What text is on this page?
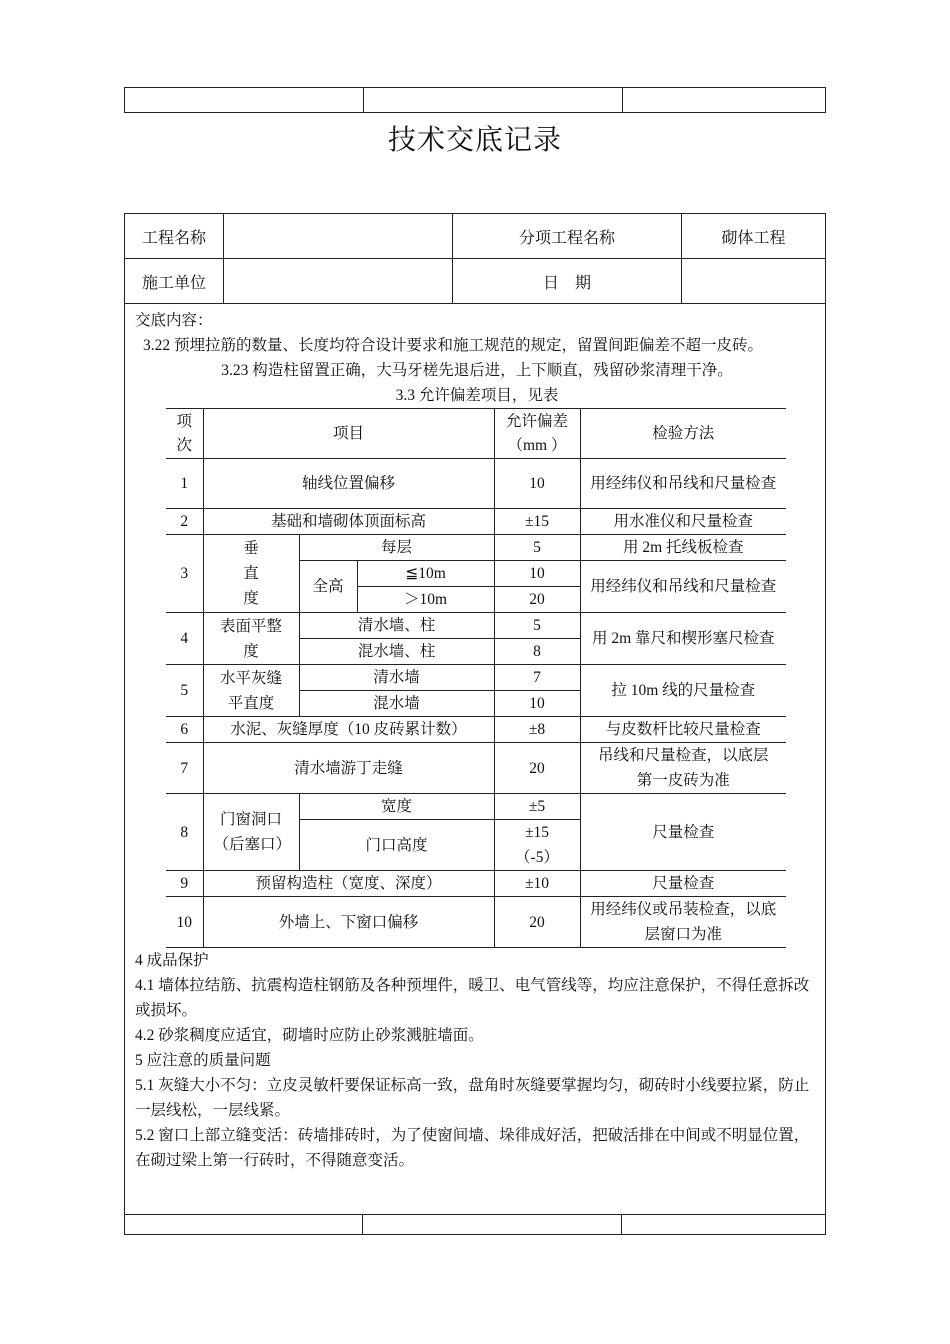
技术交底记录
工程名称		分项工程名称	砌体工程
施工单位		日　期	

交底内容：

3.22 预埋拉筋的数量、长度均符合设计要求和施工规范的规定，留置间距偏差不超一皮砖。

3.23 构造柱留置正确，大马牙槎先退后进，上下顺直，残留砂浆清理干净。

3.3 允许偏差项目，见表

项次	项目			允许偏差（mm ）	检验方法
1	轴线位置偏移			10	用经纬仪和吊线和尺量检查
2	基础和墙砌体顶面标高			±15	用水准仪和尺量检查
3	垂直度	每层		5	用 2m 托线板检查
		全高	≦10m	10	用经纬仪和吊线和尺量检查
			＞10m	20	
4	表面平整度	清水墙、柱		5	用 2m 靠尺和楔形塞尺检查
		混水墙、柱		8	
5	水平灰缝平直度	清水墙		7	拉 10m 线的尺量检查
		混水墙		10	
6	水泥、灰缝厚度（10 皮砖累计数）			±8	与皮数杆比较尺量检查
7	清水墙游丁走缝			20	吊线和尺量检查，以底层第一皮砖为准
8	门窗洞口（后塞口）	宽度		±5	尺量检查
		门口高度		±15（-5）	
9	预留构造柱（宽度、深度）			±10	尺量检查
10	外墙上、下窗口偏移			20	用经纬仪或吊装检查，以底层窗口为准

4 成品保护

4.1 墙体拉结筋、抗震构造柱钢筋及各种预埋件，暖卫、电气管线等，均应注意保护，不得任意拆改或损坏。

4.2 砂浆稠度应适宜，砌墙时应防止砂浆溅脏墙面。

5 应注意的质量问题

5.1 灰缝大小不匀：立皮灵敏杆要保证标高一致，盘角时灰缝要掌握均匀，砌砖时小线要拉紧，防止一层线松，一层线紧。

5.2 窗口上部立缝变活：砖墙排砖时，为了使窗间墙、垛徘成好活，把破活排在中间或不明显位置，在砌过梁上第一行砖时，不得随意变活。
